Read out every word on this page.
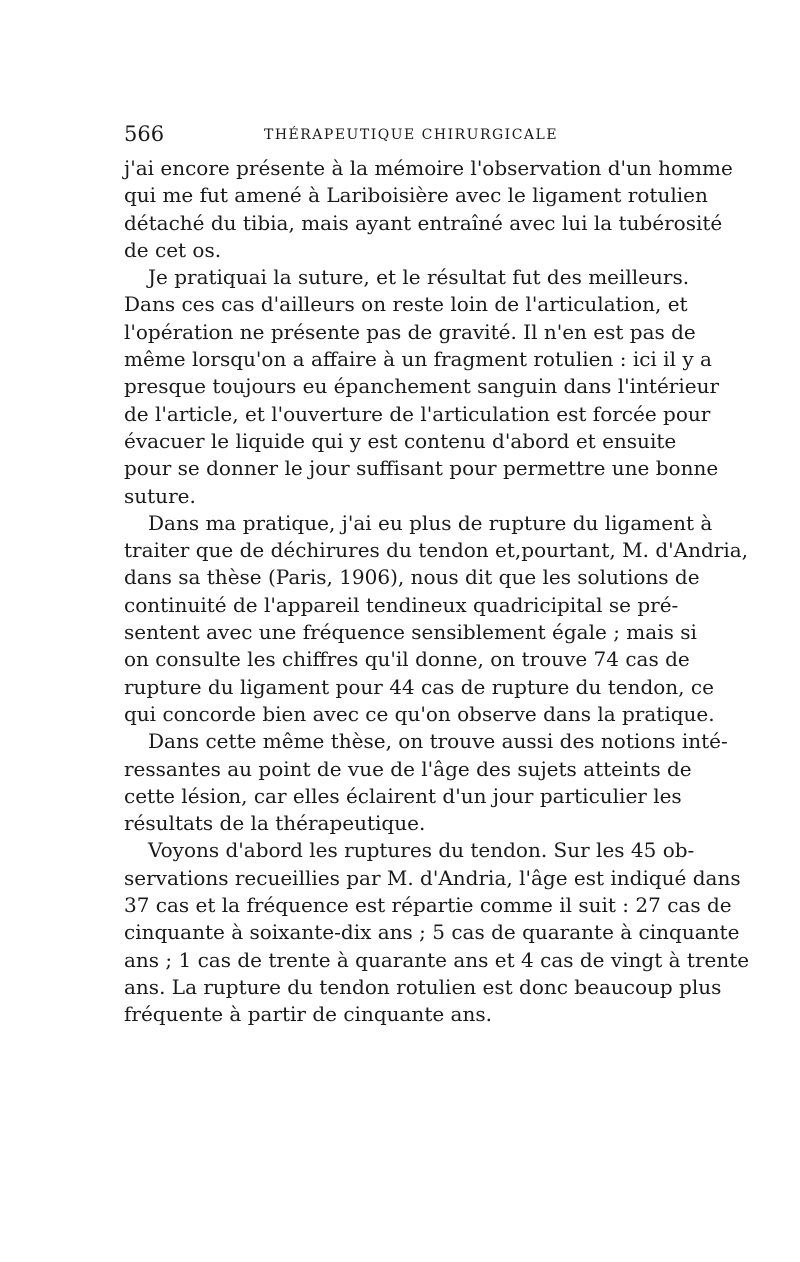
566	THÉRAPEUTIQUE CHIRURGICALE

j'ai encore présente à la mémoire l'observation d'un homme
qui me fut amené à Lariboisière avec le ligament rotulien
détaché du tibia, mais ayant entraîné avec lui la tubérosité
de cet os.

Je pratiquai la suture, et le résultat fut des meilleurs.
Dans ces cas d'ailleurs on reste loin de l'articulation, et
l'opération ne présente pas de gravité. Il n'en est pas de
même lorsqu'on a affaire à un fragment rotulien : ici il y a
presque toujours eu épanchement sanguin dans l'intérieur
de l'article, et l'ouverture de l'articulation est forcée pour
évacuer le liquide qui y est contenu d'abord et ensuite
pour se donner le jour suffisant pour permettre une bonne
suture.

Dans ma pratique, j'ai eu plus de rupture du ligament à
traiter que de déchirures du tendon et,pourtant, M. d'Andria,
dans sa thèse (Paris, 1906), nous dit que les solutions de
continuité de l'appareil tendineux quadricipital se pré-
sentent avec une fréquence sensiblement égale ; mais si
on consulte les chiffres qu'il donne, on trouve 74 cas de
rupture du ligament pour 44 cas de rupture du tendon, ce
qui concorde bien avec ce qu'on observe dans la pratique.

Dans cette même thèse, on trouve aussi des notions inté-
ressantes au point de vue de l'âge des sujets atteints de
cette lésion, car elles éclairent d'un jour particulier les
résultats de la thérapeutique.

Voyons d'abord les ruptures du tendon. Sur les 45 ob-
servations recueillies par M. d'Andria, l'âge est indiqué dans
37 cas et la fréquence est répartie comme il suit : 27 cas de
cinquante à soixante-dix ans ; 5 cas de quarante à cinquante
ans ; 1 cas de trente à quarante ans et 4 cas de vingt à trente
ans. La rupture du tendon rotulien est donc beaucoup plus
fréquente à partir de cinquante ans.
